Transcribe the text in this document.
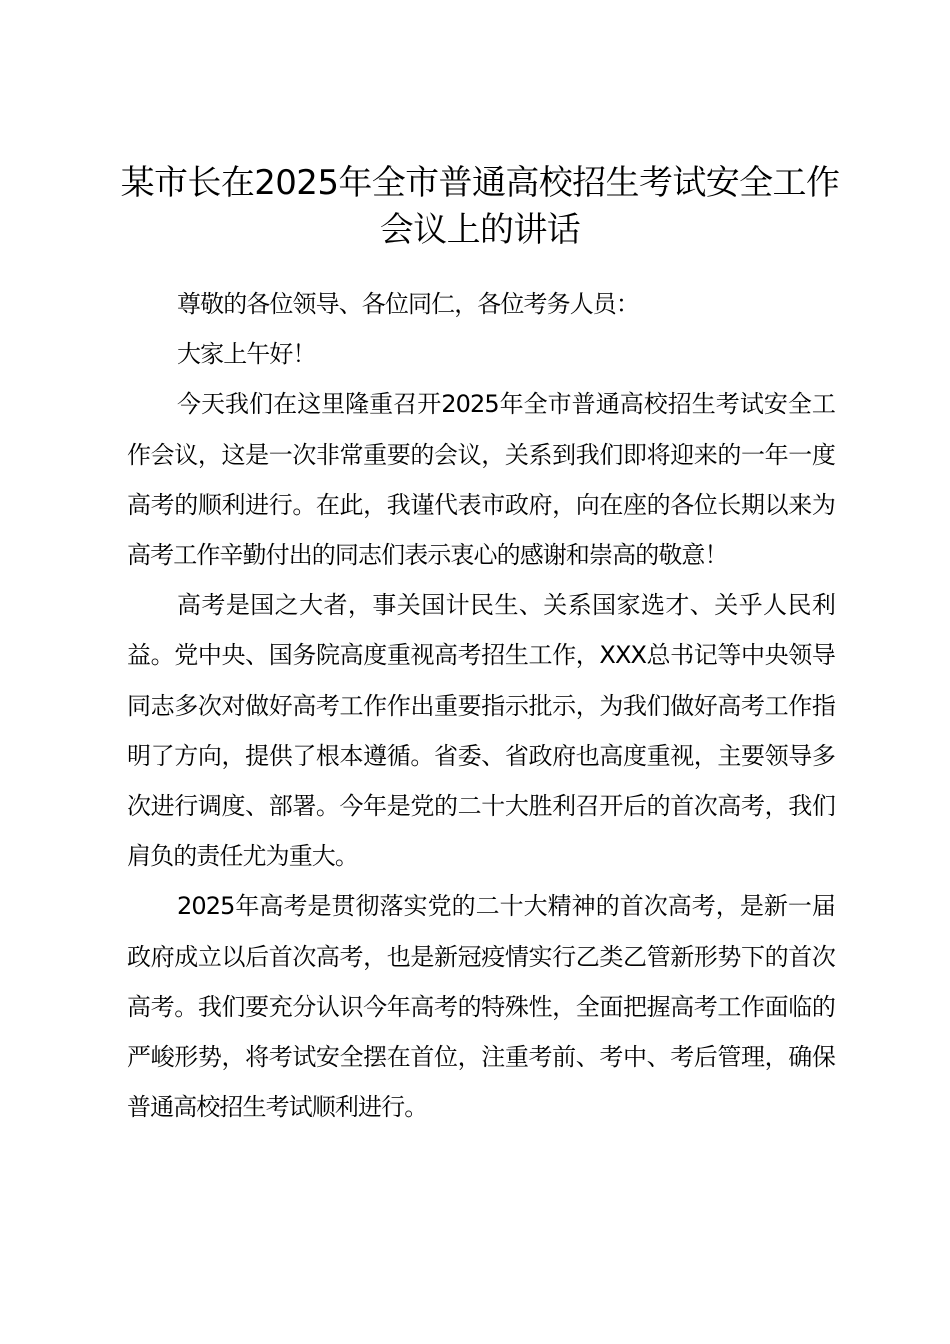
某市长在2025年全市普通高校招生考试安全工作会议上的讲话

尊敬的各位领导、各位同仁，各位考务人员：

大家上午好！

今天我们在这里隆重召开2025年全市普通高校招生考试安全工作会议，这是一次非常重要的会议，关系到我们即将迎来的一年一度高考的顺利进行。在此，我谨代表市政府，向在座的各位长期以来为高考工作辛勤付出的同志们表示衷心的感谢和崇高的敬意！

高考是国之大者，事关国计民生、关系国家选才、关乎人民利益。党中央、国务院高度重视高考招生工作，XXX总书记等中央领导同志多次对做好高考工作作出重要指示批示，为我们做好高考工作指明了方向，提供了根本遵循。省委、省政府也高度重视，主要领导多次进行调度、部署。今年是党的二十大胜利召开后的首次高考，我们肩负的责任尤为重大。

2025年高考是贯彻落实党的二十大精神的首次高考，是新一届政府成立以后首次高考，也是新冠疫情实行乙类乙管新形势下的首次高考。我们要充分认识今年高考的特殊性，全面把握高考工作面临的严峻形势，将考试安全摆在首位，注重考前、考中、考后管理，确保普通高校招生考试顺利进行。
